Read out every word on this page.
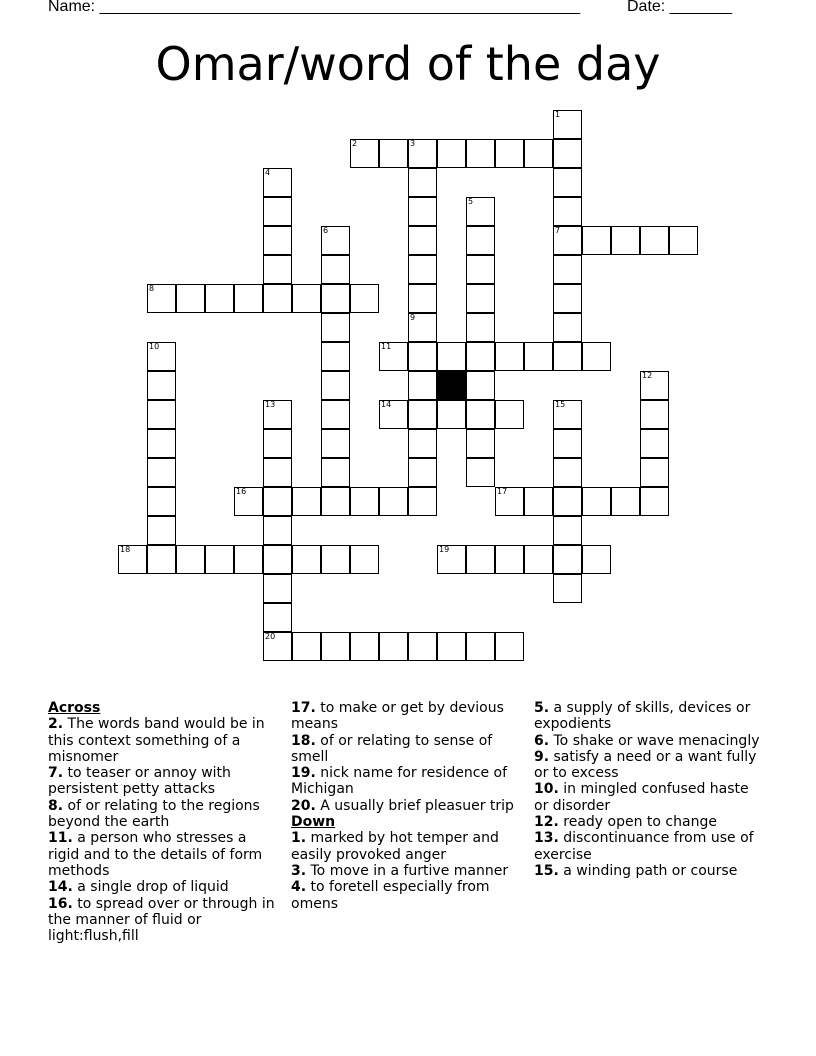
Name: ______________________________________________________	Date: _______
Omar/word of the day
1
7
2	3
4
5
6
8
9
10	11
12
13
20
14	15
16	17
18	19

Across

2. The words band would be in this context something of a misnomer

7. to teaser or annoy with persistent petty attacks

8. of or relating to the regions beyond the earth

11. a person who stresses a rigid and to the details of form methods

14. a single drop of liquid

16. to spread over or through in the manner of fluid or light:flush,fill

17. to make or get by devious means

18. of or relating to sense of smell

19. nick name for residence of Michigan

20. A usually brief pleasuer trip

Down

1. marked by hot temper and easily provoked anger

3. To move in a furtive manner

4. to foretell especially from omens

5. a supply of skills, devices or expodients

6. To shake or wave menacingly

9. satisfy a need or a want fully or to excess

10. in mingled confused haste or disorder

12. ready open to change

13. discontinuance from use of exercise

15. a winding path or course
